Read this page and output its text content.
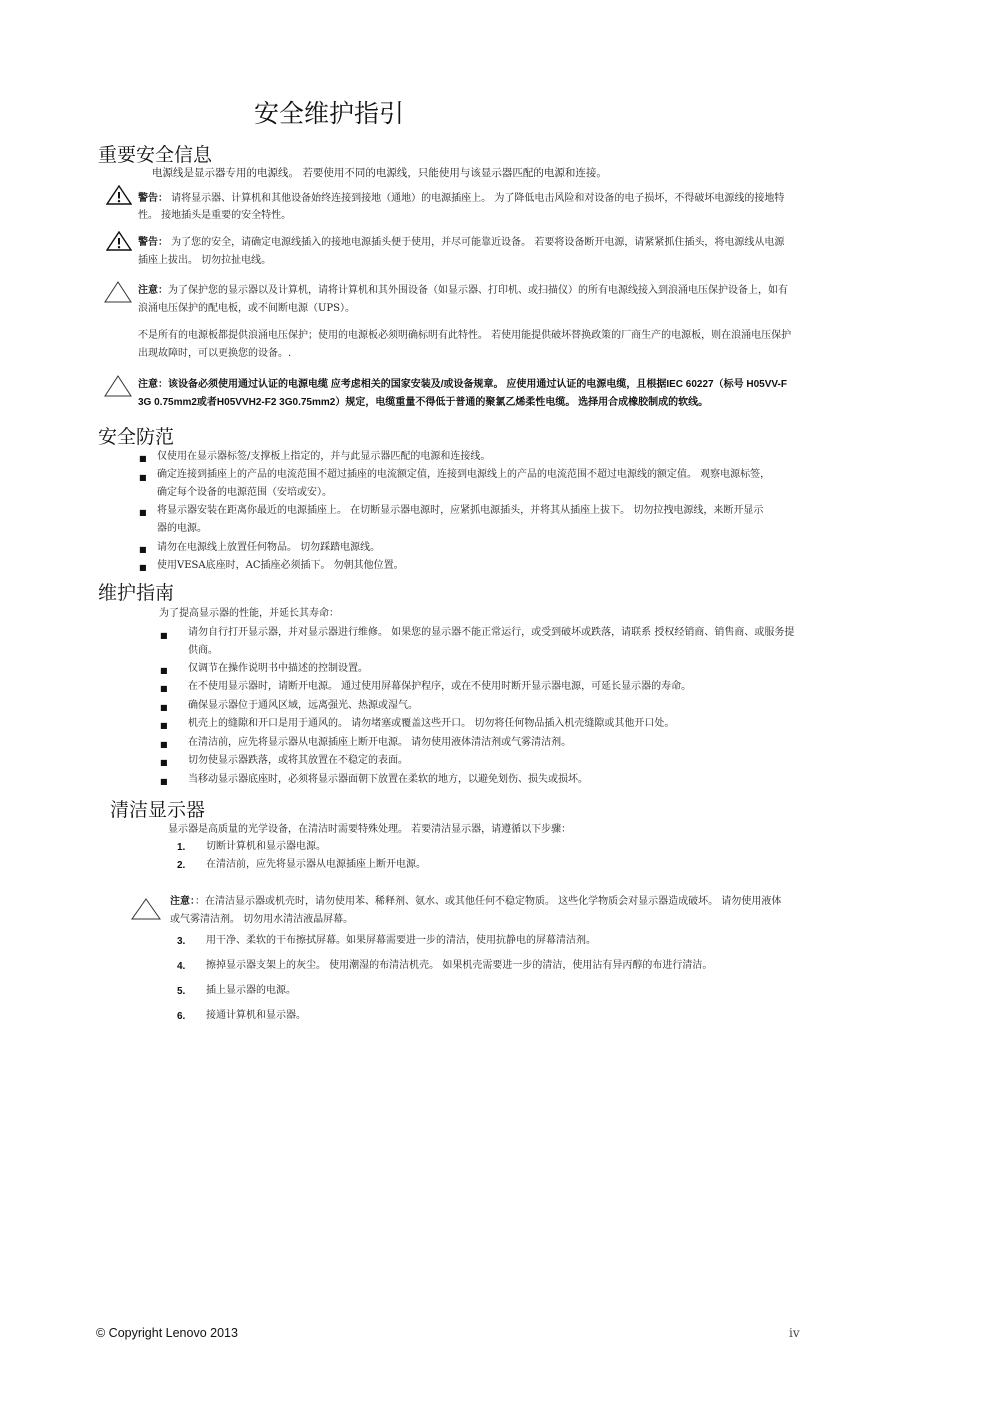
安全维护指引
重要安全信息
电源线是显示器专用的电源线。 若要使用不同的电源线，只能使用与该显示器匹配的电源和连接。
警告： 请将显示器、计算机和其他设备始终连接到接地（通地）的电源插座上。 为了降低电击风险和对设备的电子损坏，不得破坏电源线的接地特
性。 接地插头是重要的安全特性。
警告： 为了您的安全，请确定电源线插入的接地电源插头便于使用，并尽可能靠近设备。 若要将设备断开电源，请紧紧抓住插头，将电源线从电源
插座上拔出。 切勿拉扯电线。
注意：为了保护您的显示器以及计算机，请将计算机和其外围设备（如显示器、打印机、或扫描仪）的所有电源线接入到浪涌电压保护设备上，如有
浪涌电压保护的配电板，或不间断电源（UPS）。
不是所有的电源板都提供浪涌电压保护；使用的电源板必须明确标明有此特性。 若使用能提供破坏替换政策的厂商生产的电源板，则在浪涌电压保护
出现故障时，可以更换您的设备。.
注意：该设备必须使用通过认证的电源电缆 应考虑相关的国家安装及/或设备规章。 应使用通过认证的电源电缆，且根据IEC 60227（标号 H05VV-F
3G 0.75mm2或者H05VVH2-F2 3G0.75mm2）规定，电缆重量不得低于普通的聚氯乙烯柔性电缆。 选择用合成橡胶制成的软线。
安全防范
■ 仅使用在显示器标签/支撑板上指定的，并与此显示器匹配的电源和连接线。
■ 确定连接到插座上的产品的电流范围不超过插座的电流额定值，连接到电源线上的产品的电流范围不超过电源线的额定值。 观察电源标签，
确定每个设备的电源范围（安培或安）。
■ 将显示器安装在距离你最近的电源插座上。 在切断显示器电源时，应紧抓电源插头，并将其从插座上拔下。 切勿拉拽电源线，来断开显示
器的电源。
■ 请勿在电源线上放置任何物品。 切勿踩踏电源线。
■ 使用VESA底座时，AC插座必须插下。 勿朝其他位置。
维护指南
为了提高显示器的性能，并延长其寿命：
■ 请勿自行打开显示器，并对显示器进行维修。 如果您的显示器不能正常运行，或受到破坏或跌落，请联系 授权经销商、销售商、或服务提
供商。
■ 仅调节在操作说明书中描述的控制设置。
■ 在不使用显示器时，请断开电源。 通过使用屏幕保护程序，或在不使用时断开显示器电源，可延长显示器的寿命。
■ 确保显示器位于通风区域，远离强光、热源或湿气。
■ 机壳上的缝隙和开口是用于通风的。 请勿堵塞或覆盖这些开口。 切勿将任何物品插入机壳缝隙或其他开口处。
■ 在清洁前，应先将显示器从电源插座上断开电源。 请勿使用液体清洁剂或气雾清洁剂。
■ 切勿使显示器跌落，或将其放置在不稳定的表面。
■ 当移动显示器底座时，必须将显示器面朝下放置在柔软的地方，以避免划伤、损失或损坏。
清洁显示器
显示器是高质量的光学设备，在清洁时需要特殊处理。 若要清洁显示器，请遵循以下步骤：
1. 切断计算机和显示器电源。
2. 在清洁前，应先将显示器从电源插座上断开电源。
注意：：在清洁显示器或机壳时，请勿使用苯、稀释剂、氨水、或其他任何不稳定物质。 这些化学物质会对显示器造成破坏。 请勿使用液体
或气雾清洁剂。 切勿用水清洁液晶屏幕。
3. 用干净、柔软的干布擦拭屏幕。如果屏幕需要进一步的清洁，使用抗静电的屏幕清洁剂。
4. 擦掉显示器支架上的灰尘。 使用潮湿的布清洁机壳。 如果机壳需要进一步的清洁，使用沾有异丙醇的布进行清洁。
5. 插上显示器的电源。
6. 接通计算机和显示器。
© Copyright Lenovo 2013	iv
